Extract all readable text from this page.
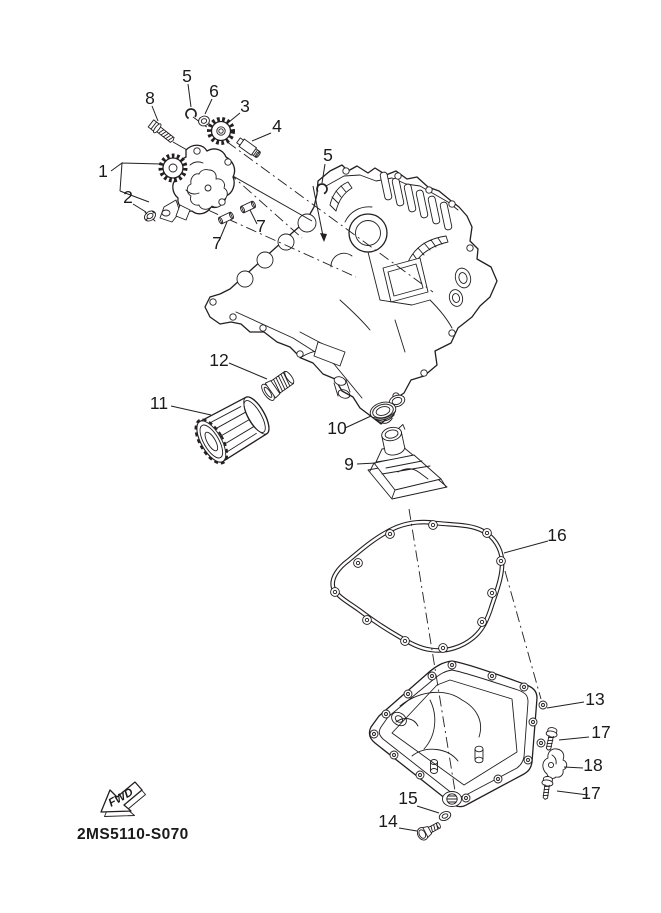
1
2
3
4
5
5
6
7
7
8
9
10
11
12
13
14
15
16
17
17
18
FWD
2MS5110-S070
